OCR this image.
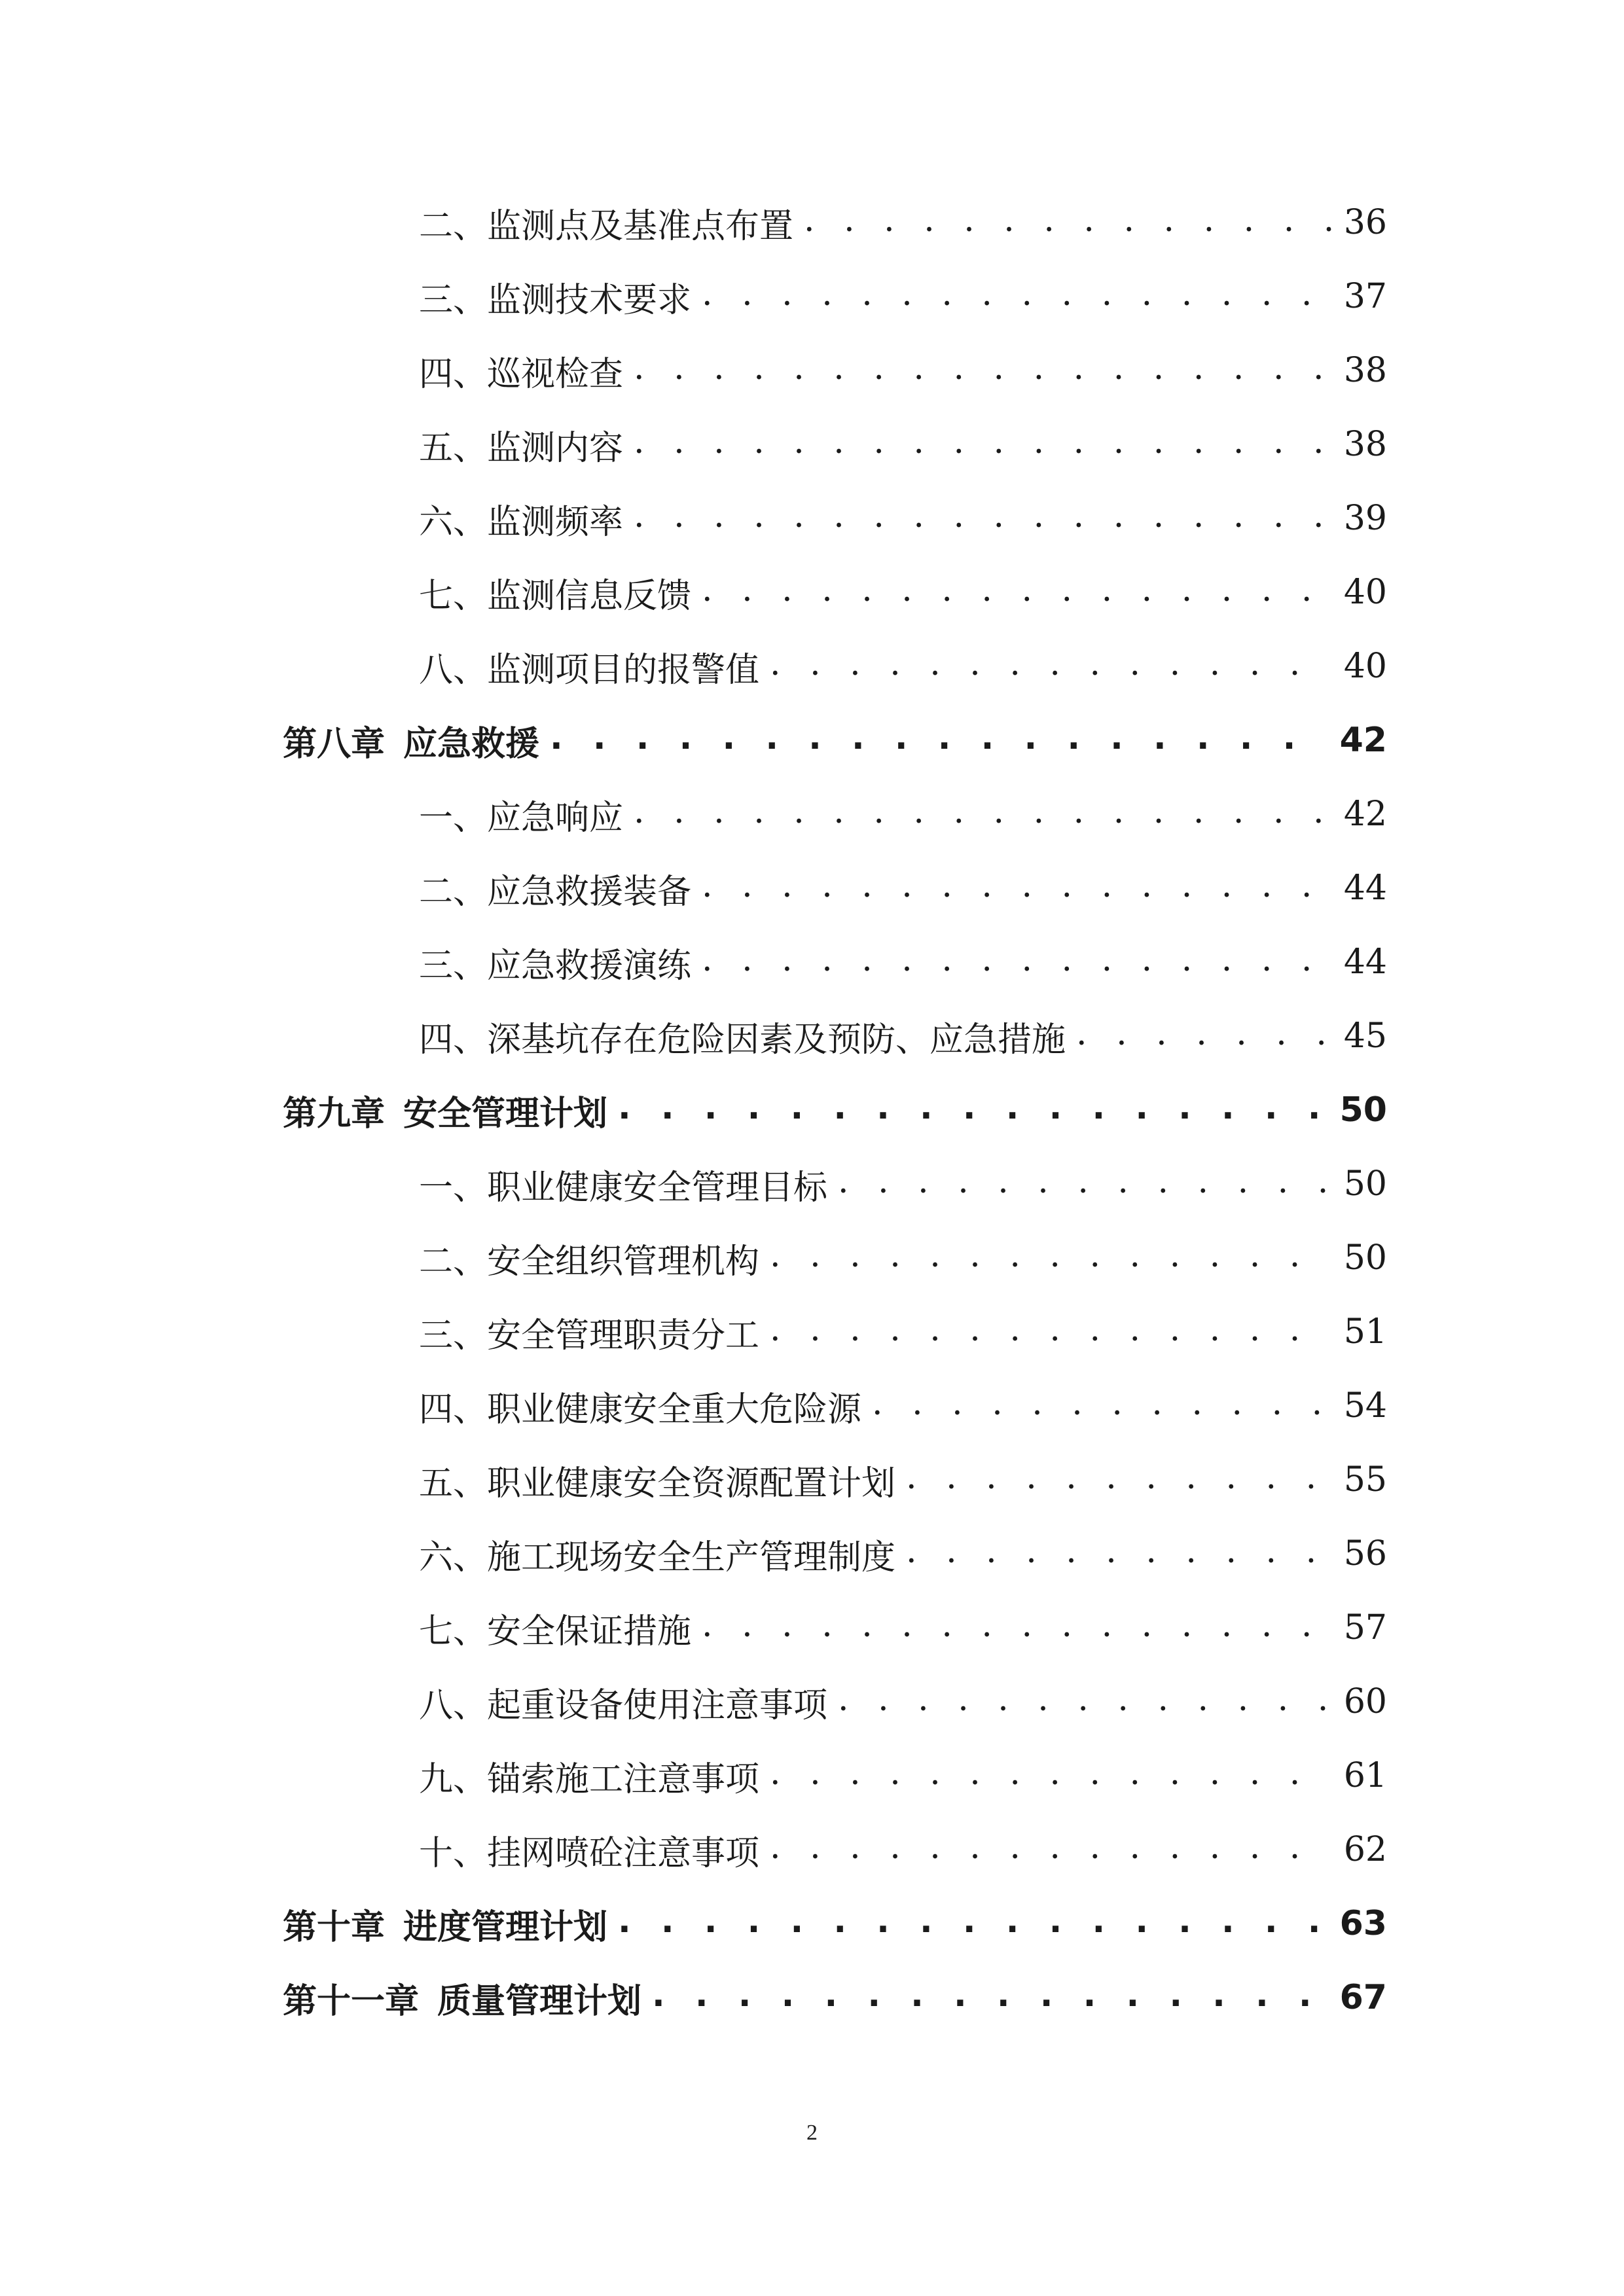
二、监测点及基准点布置 . . .	36
三、监测技术要求 . . .	37
四、巡视检查 . . .	38
五、监测内容 . . .	38
六、监测频率 . . .	39
七、监测信息反馈 . . .	40
八、监测项目的报警值 . . .	40
第八章 应急救援 . . .	42
一、应急响应 . . .	42
二、应急救援装备 . . .	44
三、应急救援演练 . . .	44
四、深基坑存在危险因素及预防、应急措施 . . .	45
第九章 安全管理计划 . . .	50
一、职业健康安全管理目标 . . .	50
二、安全组织管理机构 . . .	50
三、安全管理职责分工 . . .	51
四、职业健康安全重大危险源 . . .	54
五、职业健康安全资源配置计划 . . .	55
六、施工现场安全生产管理制度 . . .	56
七、安全保证措施 . . .	57
八、起重设备使用注意事项 . . .	60
九、锚索施工注意事项 . . .	61
十、挂网喷砼注意事项 . . .	62
第十章 进度管理计划 . . .	63
第十一章 质量管理计划 . . .	67
2
